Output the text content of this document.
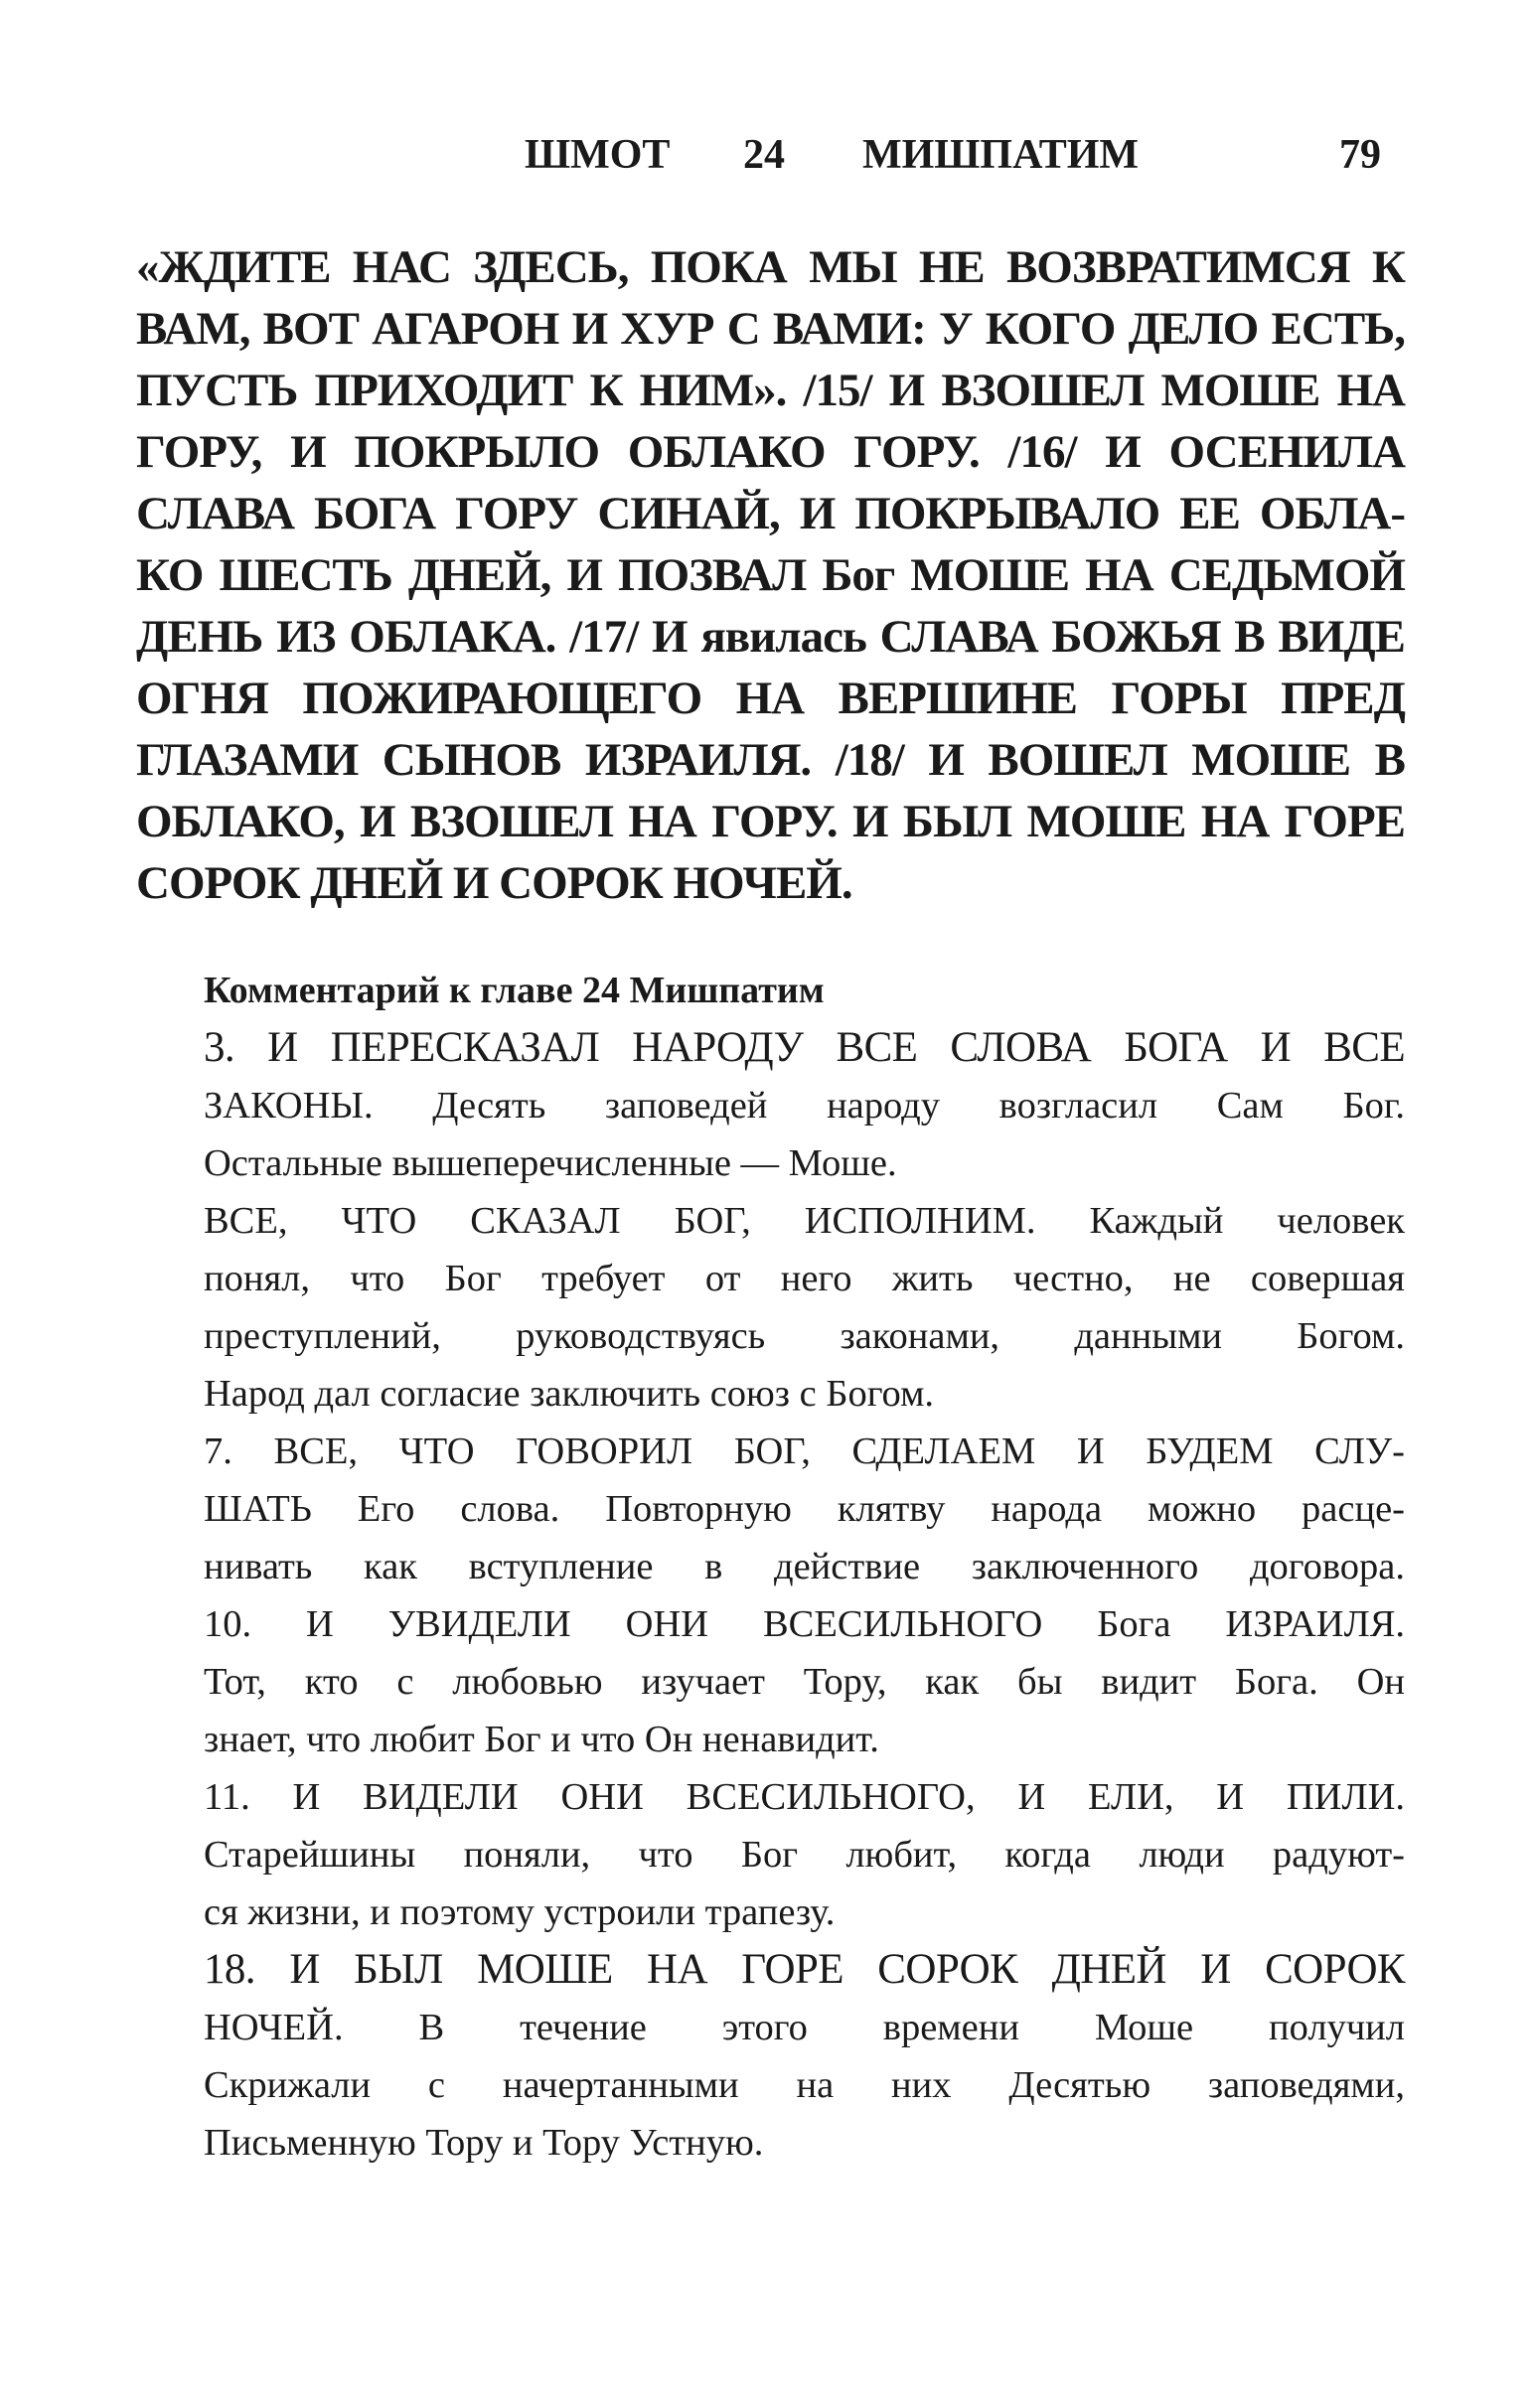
ШМОТ 24 МИШПАТИМ	79
«ЖДИТЕ НАС ЗДЕСЬ, ПОКА МЫ НЕ ВОЗВРАТИМСЯ К
ВАМ, ВОТ АГАРОН И ХУР С ВАМИ: У КОГО ДЕЛО ЕСТЬ,
ПУСТЬ ПРИХОДИТ К НИМ». /15/ И ВЗОШЕЛ МОШЕ НА
ГОРУ, И ПОКРЫЛО ОБЛАКО ГОРУ. /16/ И ОСЕНИЛА
СЛАВА БОГА ГОРУ СИНАЙ, И ПОКРЫВАЛО ЕЕ ОБЛА-
КО ШЕСТЬ ДНЕЙ, И ПОЗВАЛ Бог МОШЕ НА СЕДЬМОЙ
ДЕНЬ ИЗ ОБЛАКА. /17/ И явилась СЛАВА БОЖЬЯ В ВИДЕ
ОГНЯ ПОЖИРАЮЩЕГО НА ВЕРШИНЕ ГОРЫ ПРЕД
ГЛАЗАМИ СЫНОВ ИЗРАИЛЯ. /18/ И ВОШЕЛ МОШЕ В
ОБЛАКО, И ВЗОШЕЛ НА ГОРУ. И БЫЛ МОШЕ НА ГОРЕ
СОРОК ДНЕЙ И СОРОК НОЧЕЙ.
Комментарий к главе 24 Мишпатим
3. И ПЕРЕСКАЗАЛ НАРОДУ ВСЕ СЛОВА БОГА И ВСЕ
ЗАКОНЫ. Десять заповедей народу возгласил Сам Бог.
Остальные вышеперечисленные — Моше.
ВСЕ, ЧТО СКАЗАЛ БОГ, ИСПОЛНИМ. Каждый человек
понял, что Бог требует от него жить честно, не совершая
преступлений, руководствуясь законами, данными Богом.
Народ дал согласие заключить союз с Богом.
7. ВСЕ, ЧТО ГОВОРИЛ БОГ, СДЕЛАЕМ И БУДЕМ СЛУ-
ШАТЬ Его слова. Повторную клятву народа можно расце-
нивать как вступление в действие заключенного договора.
10. И УВИДЕЛИ ОНИ ВСЕСИЛЬНОГО Бога ИЗРАИЛЯ.
Тот, кто с любовью изучает Тору, как бы видит Бога. Он
знает, что любит Бог и что Он ненавидит.
11. И ВИДЕЛИ ОНИ ВСЕСИЛЬНОГО, И ЕЛИ, И ПИЛИ.
Старейшины поняли, что Бог любит, когда люди радуют-
ся жизни, и поэтому устроили трапезу.
18. И БЫЛ МОШЕ НА ГОРЕ СОРОК ДНЕЙ И СОРОК
НОЧЕЙ. В течение этого времени Моше получил
Скрижали с начертанными на них Десятью заповедями,
Письменную Тору и Тору Устную.
